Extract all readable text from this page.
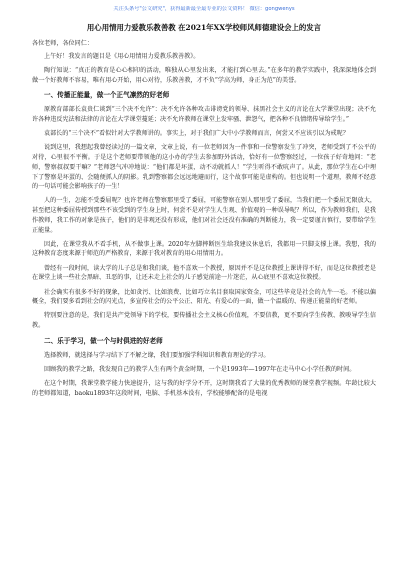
关注头条号"公文研究"，获得最新最全最专业的公文资料！ 微信：gongwenys
用心用情用力爱教乐教善教 在2021年XX学校师风师德建设会上的发言

各位老师，各位同仁：

上午好！我发言的题目是《用心用情用力爱教乐教善教》。

陶行知说：“真正的教育是心心相印的活动，唯独从心里发出来，才能打到心里去。”在多年的教学实践中，我深深地体会到做一个好教师不容易，唯有用心开始，用心对待，乐教善教，才不负“学高为师，身正为范”的美誉。

一、传播正能量，做一个正气凛然的好老师

原教育部部长袁贵仁谈到“三个决不允许”：决不允许各种攻击诽谤党的领导、抹黑社会主义的言论在大学课堂出现；决不允许各种违反宪法和法律的言论在大学课堂蔓延；决不允许教师在课堂上发牢骚、泄怨气，把各种不良情绪传导给学生。”

袁部长的“三个决不”看似针对大学教师讲的。事实上，对于我们广大中小学教师而言，何尝又不应该引以为戒呢？

说到这里，我想起我曾经读过的一篇文章，文章上说，有一位老师因为一件事和一位警察发生了冲突，老师受到了不公平的对待，心里很不平衡。于是这个老师要带领他的这小办的学生去参加野外活动，恰好有一位警察经过，一位孩子好奇地问：“老师，警察叔叔要干嘛？”老师怨气冲冲地说：“他们都是坏蛋，动不动就抓人！”学生听得不敢吭声了。从此，那位学生在心中埋下了警察是坏蛋的、会随便抓人的阴影。乳到警察都会远远地避而行，这个故事可能是虚构的。但也说明一个道理，教师不经意的一句话可能会影响孩子的一生！

人的一生，怎能不受委屈呢？也许老师在警察那里受了委屈，可能警察在别人那里受了委屈，当我们把一个委屈无限放大，甚至把这种委屈传授到那些不该受到的学生身上时，何尝不是对学生人生观、价值观的一种误导呢？所以，作为教师我们，是我作教师，我工作的对象是孩子，他们的是非观还没有形成，他们对社会还没有准确的判断能力，我一定要谨言慎行，要带给学生正能量。

因此，在课堂我从不看手机，从不做事上课。2020年左脚摔断医生给我建议休息后，我都用一只脚支撑上课。我想，我的这种教育态度来源于师范的严格教育，来源于我对教育的用心用情用力。

曾经有一段时间，读大学的儿子总是和我们谈，他不喜欢一个教授，原因并不是这位教授上课讲得不好，而是这位教授老是在课堂上谈一些社会黑暗、丑恶的事，让还未走上社会的儿子感觉前途一片迷茫，从心底里不喜欢这位教授。

社会确实有很多不好的现象，比如贪污、比如浪费、比如巧立名目套取国家资金，可这些毕竟是社会的九牛一毛。不能以偏概全，我们要多看到社会的闪光点，多宣传社会的公平公正、阳光、有爱心的一面，做一个温暖的、传递正能量的好老师。

特别要注意的是，我们是共产党领导下的学校，要传播社会主义核心价值观，不要信教，更不要向学生传教、教唆导学生信教。

二、乐于学习，做一个与时俱进的好老师

选择教师，就选择与学习结下了不解之缘，我们要加强学科知识和教育理论的学习。

回顾我的教学之路，我发现自己的教学人生有两个黄金时期，一个是1993年—1997年在走马中心小学任教的时间。

在这个时期，我课堂教学能力快速提升，这与我的好学分不开，这时期我看了大量的优秀教师的课堂教学视频。年龄比较大的老师都知道，baoku1893年这段时间，电脑、手机基本没有，学校能够配备的是电视
